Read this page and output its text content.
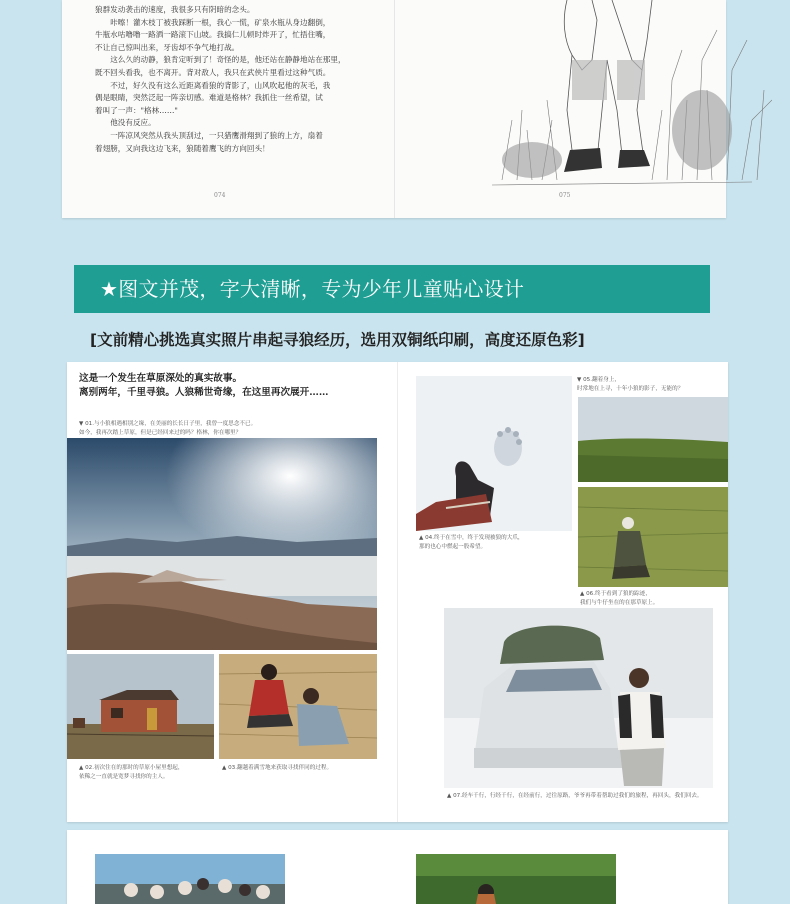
狼群发动袭击的速度，我很多只有阴暗的念头。

咔嚓！灌木枝丁被我踩断一根，我心一慌，矿泉水瓶从身边翻倒，

牛瓶水咕噜噜一路洒一路滚下山坡。我搞仁儿顿时炸开了，忙捂住嘴，

不让自己惊叫出来，牙齿却不争气地打战。

这么久的动静，狼肯定听到了！奇怪的是，他还站在静静地站在那里，

既不回头看我，也不离开。背对敌人，我只在武侠片里看过这种气质。

不过，好久没有这么近距离看狼的背影了，山风吹起他的灰毛，我

偶是眼睛，突然泛起一阵亲切感。难道是格林？我抓住一丝希望，试

着叫了一声："格林……"

他没有反应。

一阵凉风突然从我头顶刮过，一只猎鹰滑翔到了狼的上方，扇着

着翅膀，又向我这边飞来，狼随着鹰飞的方向回头！

074	075
★图文并茂，字大清晰，专为少年儿童贴心设计
[文前精心挑选真实照片串起寻狼经历，选用双铜纸印刷，高度还原色彩]
这是一个发生在草原深处的真实故事。
离别两年，千里寻狼。人狼稀世奇缘，在这里再次展开……
▼ 01.与小狼相遇相别之缘，在美丽的长长日子里，我曾一度思念不已。
如今，我再次踏上草原，但是已经回来过的吗？格林，你在哪里？
▲ 02.初次住在的那时的草原小屋里想起，
依稀之一直就是宽梦寻找你的主人。
▲ 03.翻越着满雪地来获取寻找伴同的过程。
▲ 04.终于在雪中，终于发现被狼的大爪，
那的也心中燃起一股希望。
▼ 05.翻着身上，
时常地在上寻，十年小狼的影子，无能的？
▲ 06.终于看到了狼的踪迹，
我们与牛仔坐在的在那草原上。
▲ 07.经车千行，行经千行，在经前行，过往原路，爷爷再带着帮助过我们的旅程，再回头，我们回去。
